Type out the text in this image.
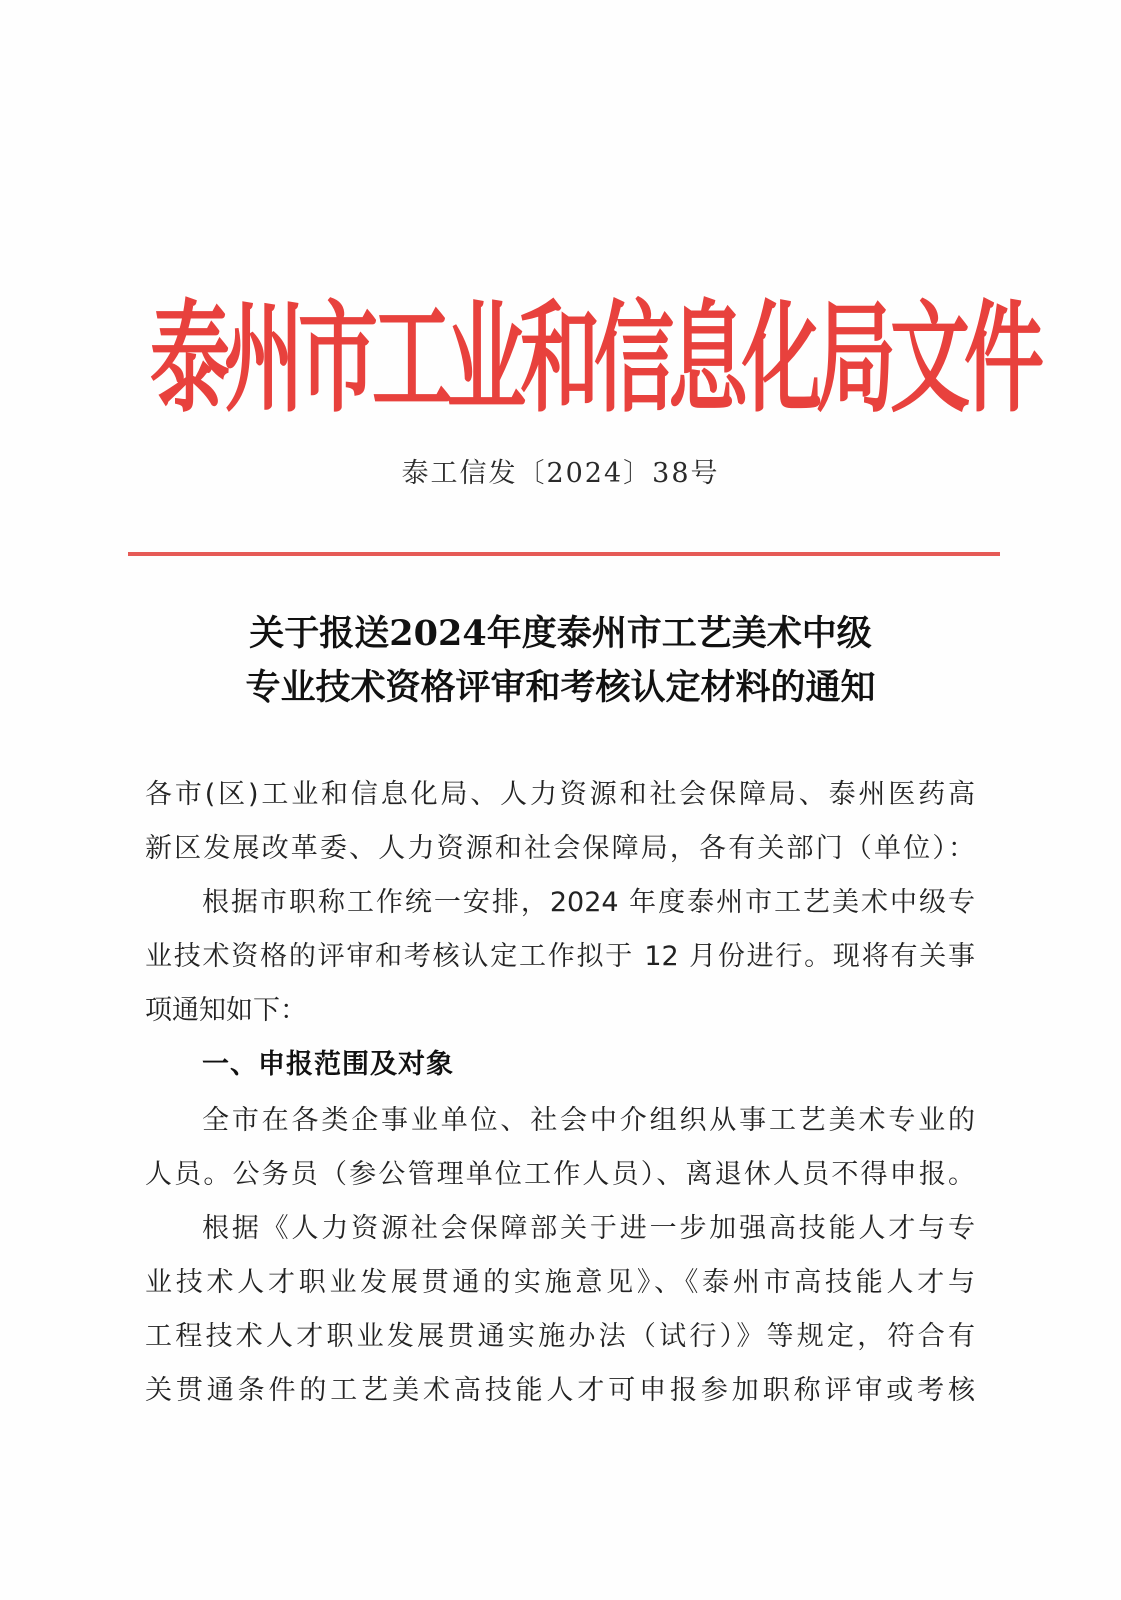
泰州市工业和信息化局文件
泰工信发〔2024〕38号
关于报送2024年度泰州市工艺美术中级
专业技术资格评审和考核认定材料的通知
各市(区)工业和信息化局、人力资源和社会保障局、泰州医药高
新区发展改革委、人力资源和社会保障局，各有关部门（单位）：
根据市职称工作统一安排，2024 年度泰州市工艺美术中级专
业技术资格的评审和考核认定工作拟于 12 月份进行。现将有关事
项通知如下：
一、申报范围及对象
全市在各类企事业单位、社会中介组织从事工艺美术专业的
人员。公务员（参公管理单位工作人员）、离退休人员不得申报。
根据《人力资源社会保障部关于进一步加强高技能人才与专
业技术人才职业发展贯通的实施意见》、《泰州市高技能人才与
工程技术人才职业发展贯通实施办法（试行）》等规定，符合有
关贯通条件的工艺美术高技能人才可申报参加职称评审或考核
